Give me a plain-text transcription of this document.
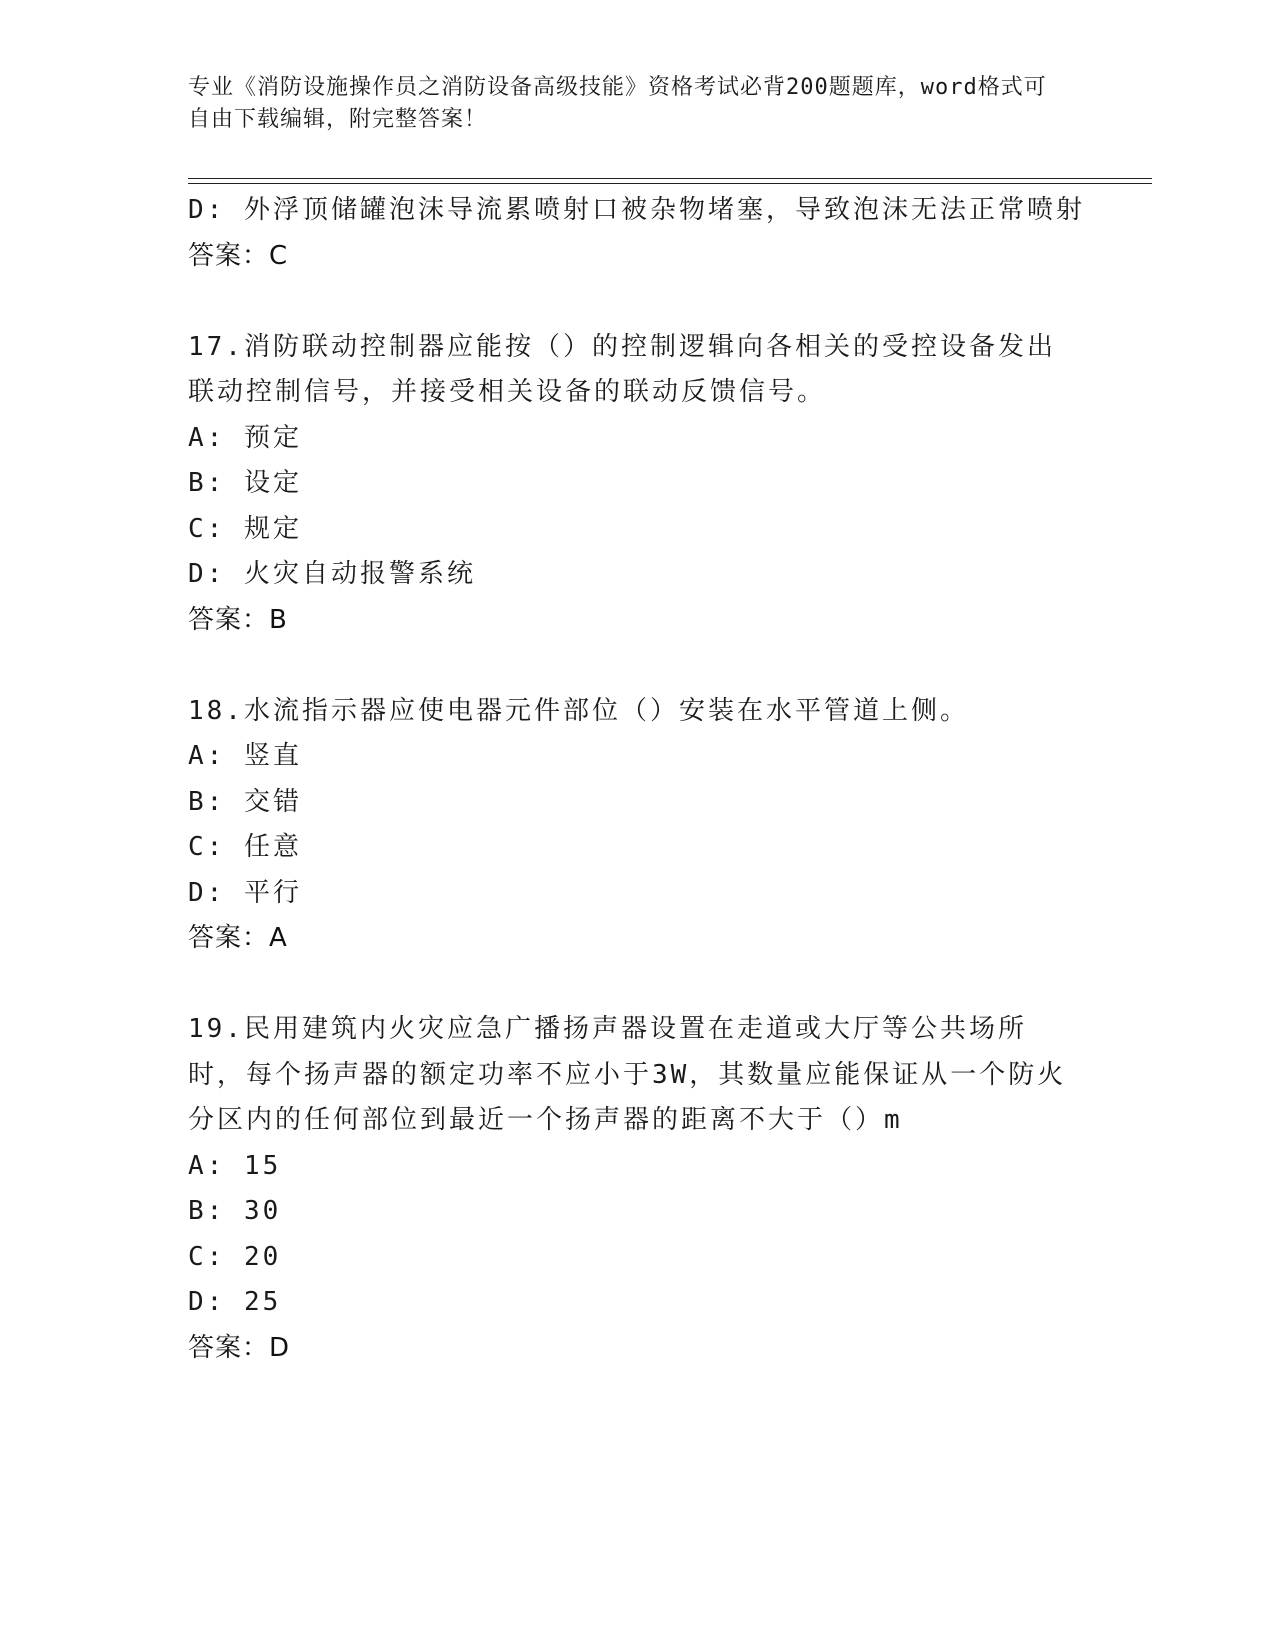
专业《消防设施操作员之消防设备高级技能》资格考试必背200题题库，word格式可自由下载编辑，附完整答案！
D: 外浮顶储罐泡沫导流累喷射口被杂物堵塞，导致泡沫无法正常喷射
答案：C
17.消防联动控制器应能按（）的控制逻辑向各相关的受控设备发出联动控制信号，并接受相关设备的联动反馈信号。
A: 预定
B: 设定
C: 规定
D: 火灾自动报警系统
答案：B
18.水流指示器应使电器元件部位（）安装在水平管道上侧。
A: 竖直
B: 交错
C: 任意
D: 平行
答案：A
19.民用建筑内火灾应急广播扬声器设置在走道或大厅等公共场所时，每个扬声器的额定功率不应小于3W，其数量应能保证从一个防火分区内的任何部位到最近一个扬声器的距离不大于（）m
A: 15
B: 30
C: 20
D: 25
答案：D
